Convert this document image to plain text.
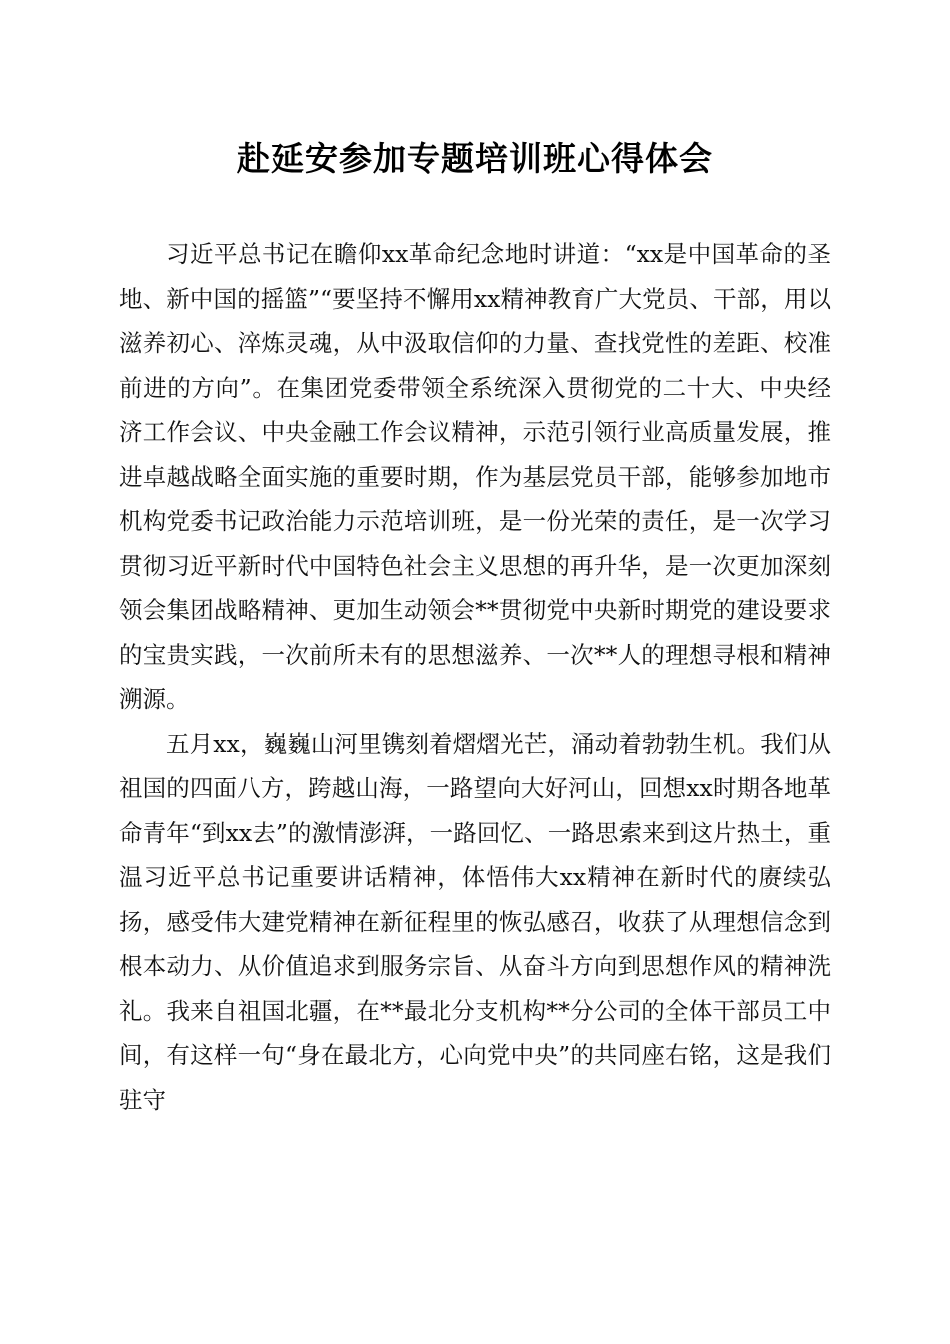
赴延安参加专题培训班心得体会

习近平总书记在瞻仰xx革命纪念地时讲道：“xx是中国革命的圣地、新中国的摇篮”“要坚持不懈用xx精神教育广大党员、干部，用以滋养初心、淬炼灵魂，从中汲取信仰的力量、查找党性的差距、校准前进的方向”。在集团党委带领全系统深入贯彻党的二十大、中央经济工作会议、中央金融工作会议精神，示范引领行业高质量发展，推进卓越战略全面实施的重要时期，作为基层党员干部，能够参加地市机构党委书记政治能力示范培训班，是一份光荣的责任，是一次学习贯彻习近平新时代中国特色社会主义思想的再升华，是一次更加深刻领会集团战略精神、更加生动领会**贯彻党中央新时期党的建设要求的宝贵实践，一次前所未有的思想滋养、一次**人的理想寻根和精神溯源。

五月xx，巍巍山河里镌刻着熠熠光芒，涌动着勃勃生机。我们从祖国的四面八方，跨越山海，一路望向大好河山，回想xx时期各地革命青年“到xx去”的激情澎湃，一路回忆、一路思索来到这片热土，重温习近平总书记重要讲话精神，体悟伟大xx精神在新时代的赓续弘扬，感受伟大建党精神在新征程里的恢弘感召，收获了从理想信念到根本动力、从价值追求到服务宗旨、从奋斗方向到思想作风的精神洗礼。我来自祖国北疆，在**最北分支机构**分公司的全体干部员工中间，有这样一句“身在最北方，心向党中央”的共同座右铭，这是我们驻守
